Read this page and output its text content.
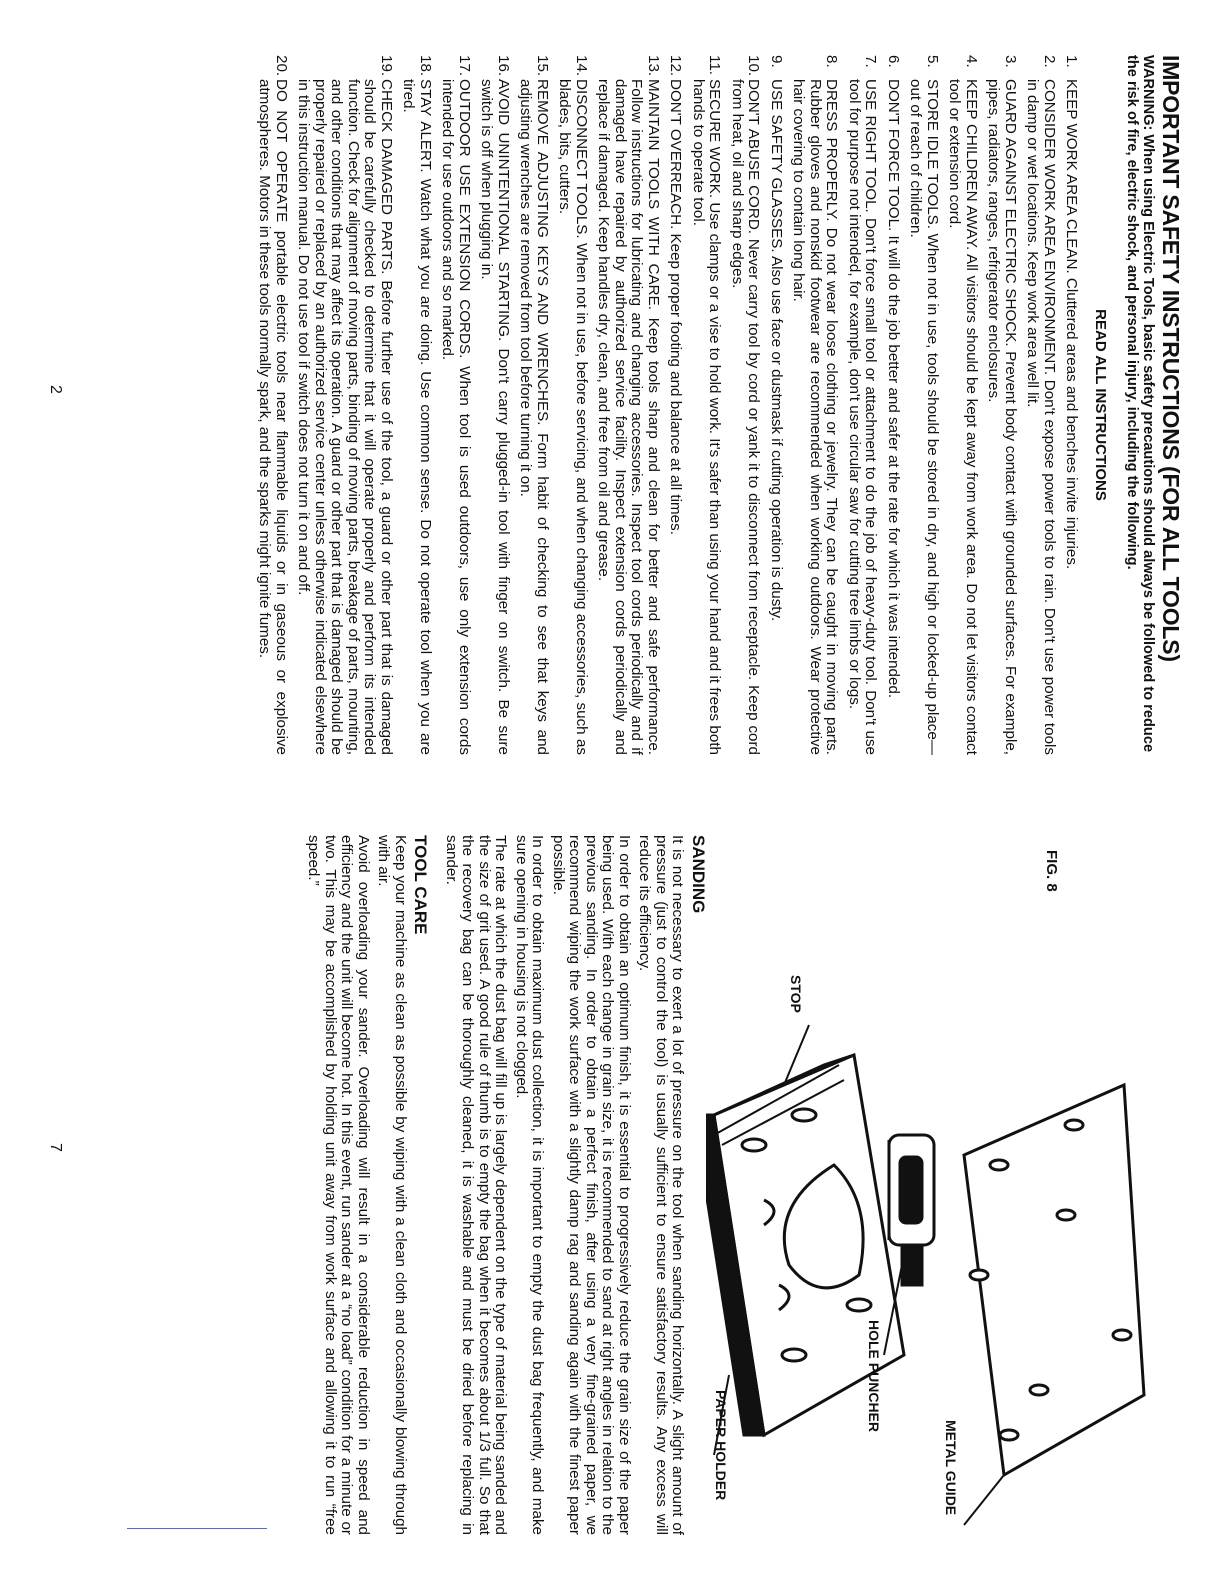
IMPORTANT SAFETY INSTRUCTIONS (FOR ALL TOOLS)
WARNING:When using Electric Tools, basic safety precautions should always be followed to reduce the risk of fire, electric shock, and personal injury, including the following.
READ ALL INSTRUCTIONS
1.
KEEP WORK AREA CLEAN. Cluttered areas and benches invite injuries.
2.
CONSIDER WORK AREA ENVIRONMENT. Don't expose power tools to rain. Don't use power tools in damp or wet locations. Keep work area well lit.
3.
GUARD AGAINST ELECTRIC SHOCK. Prevent body contact with grounded surfaces. For example, pipes, radiators, ranges, refrigerator enclosures.
4.
KEEP CHILDREN AWAY. All visitors should be kept away from work area. Do not let visitors contact tool or extension cord.
5.
STORE IDLE TOOLS. When not in use, tools should be stored in dry, and high or locked-up place—out of reach of children.
6.
DON'T FORCE TOOL. It will do the job better and safer at the rate for which it was intended.
7.
USE RIGHT TOOL. Don't force small tool or attachment to do the job of heavy-duty tool. Don't use tool for purpose not intended, for example, don't use circular saw for cutting tree limbs or logs.
8.
DRESS PROPERLY. Do not wear loose clothing or jewelry. They can be caught in moving parts. Rubber gloves and nonskid footwear are recommended when working outdoors. Wear protective hair covering to contain long hair.
9.
USE SAFETY GLASSES. Also use face or dustmask if cutting operation is dusty.
10.
DON'T ABUSE CORD. Never carry tool by cord or yank it to disconnect from receptacle. Keep cord from heat, oil and sharp edges.
11.
SECURE WORK. Use clamps or a vise to hold work. It's safer than using your hand and it frees both hands to operate tool.
12.
DON'T OVERREACH. Keep proper footing and balance at all times.
13.
MAINTAIN TOOLS WITH CARE. Keep tools sharp and clean for better and safe performance. Follow instructions for lubricating and changing accessories. Inspect tool cords periodically and if damaged have repaired by authorized service facility. Inspect extension cords periodically and replace if damaged. Keep handles dry, clean, and free from oil and grease.
14.
DISCONNECT TOOLS. When not in use, before servicing, and when changing accessories, such as blades, bits, cutters.
15.
REMOVE ADJUSTING KEYS AND WRENCHES. Form habit of checking to see that keys and adjusting wrenches are removed from tool before turning it on.
16.
AVOID UNINTENTIONAL STARTING. Don't carry plugged-in tool with finger on switch. Be sure switch is off when plugging in.
17.
OUTDOOR USE EXTENSION CORDS. When tool is used outdoors, use only extension cords intended for use outdoors and so marked.
18.
STAY ALERT. Watch what you are doing. Use common sense. Do not operate tool when you are tired.
19.
CHECK DAMAGED PARTS. Before further use of the tool, a guard or other part that is damaged should be carefully checked to determine that it will operate properly and perform its intended function. Check for alignment of moving parts, binding of moving parts, breakage of parts, mounting, and other conditions that may affect its operation. A guard or other part that is damaged should be properly repaired or replaced by an authorized service center unless otherwise indicated elsewhere in this instruction manual. Do not use tool if switch does not turn it on and off.
20.
DO NOT OPERATE portable electric tools near flammable liquids or in gaseous or explosive atmospheres. Motors in these tools normally spark, and the sparks might ignite fumes.
2
FIG. 8
METAL GUIDE
HOLE PUNCHER
STOP
PAPER HOLDER
SANDING

It is not necessary to exert a lot of pressure on the tool when sanding horizontally. A slight amount of pressure (just to control the tool) is usually sufficient to ensure satisfactory results. Any excess will reduce its efficiency.

In order to obtain an optimum finish, it is essential to progressively reduce the grain size of the paper being used. With each change in grain size, it is recommended to sand at right angles in relation to the previous sanding. In order to obtain a perfect finish, after using a very fine-grained paper, we recommend wiping the work surface with a slightly damp rag and sanding again with the finest paper possible.

In order to obtain maximum dust collection, it is important to empty the dust bag frequently, and make sure opening in housing is not clogged.

The rate at which the dust bag will fill up is largely dependent on the type of material being sanded and the size of grit used. A good rule of thumb is to empty the bag when it becomes about 1/3 full. So that the recovery bag can be thoroughly cleaned, it is washable and must be dried before replacing in sander.

TOOL CARE

Keep your machine as clean as possible by wiping with a clean cloth and occasionally blowing through with air.

Avoid overloading your sander. Overloading will result in a considerable reduction in speed and efficiency and the unit will become hot. In this event, run sander at a “no load” condition for a minute or two. This may be accomplished by holding unit away from work surface and allowing it to run “free speed.”

7
